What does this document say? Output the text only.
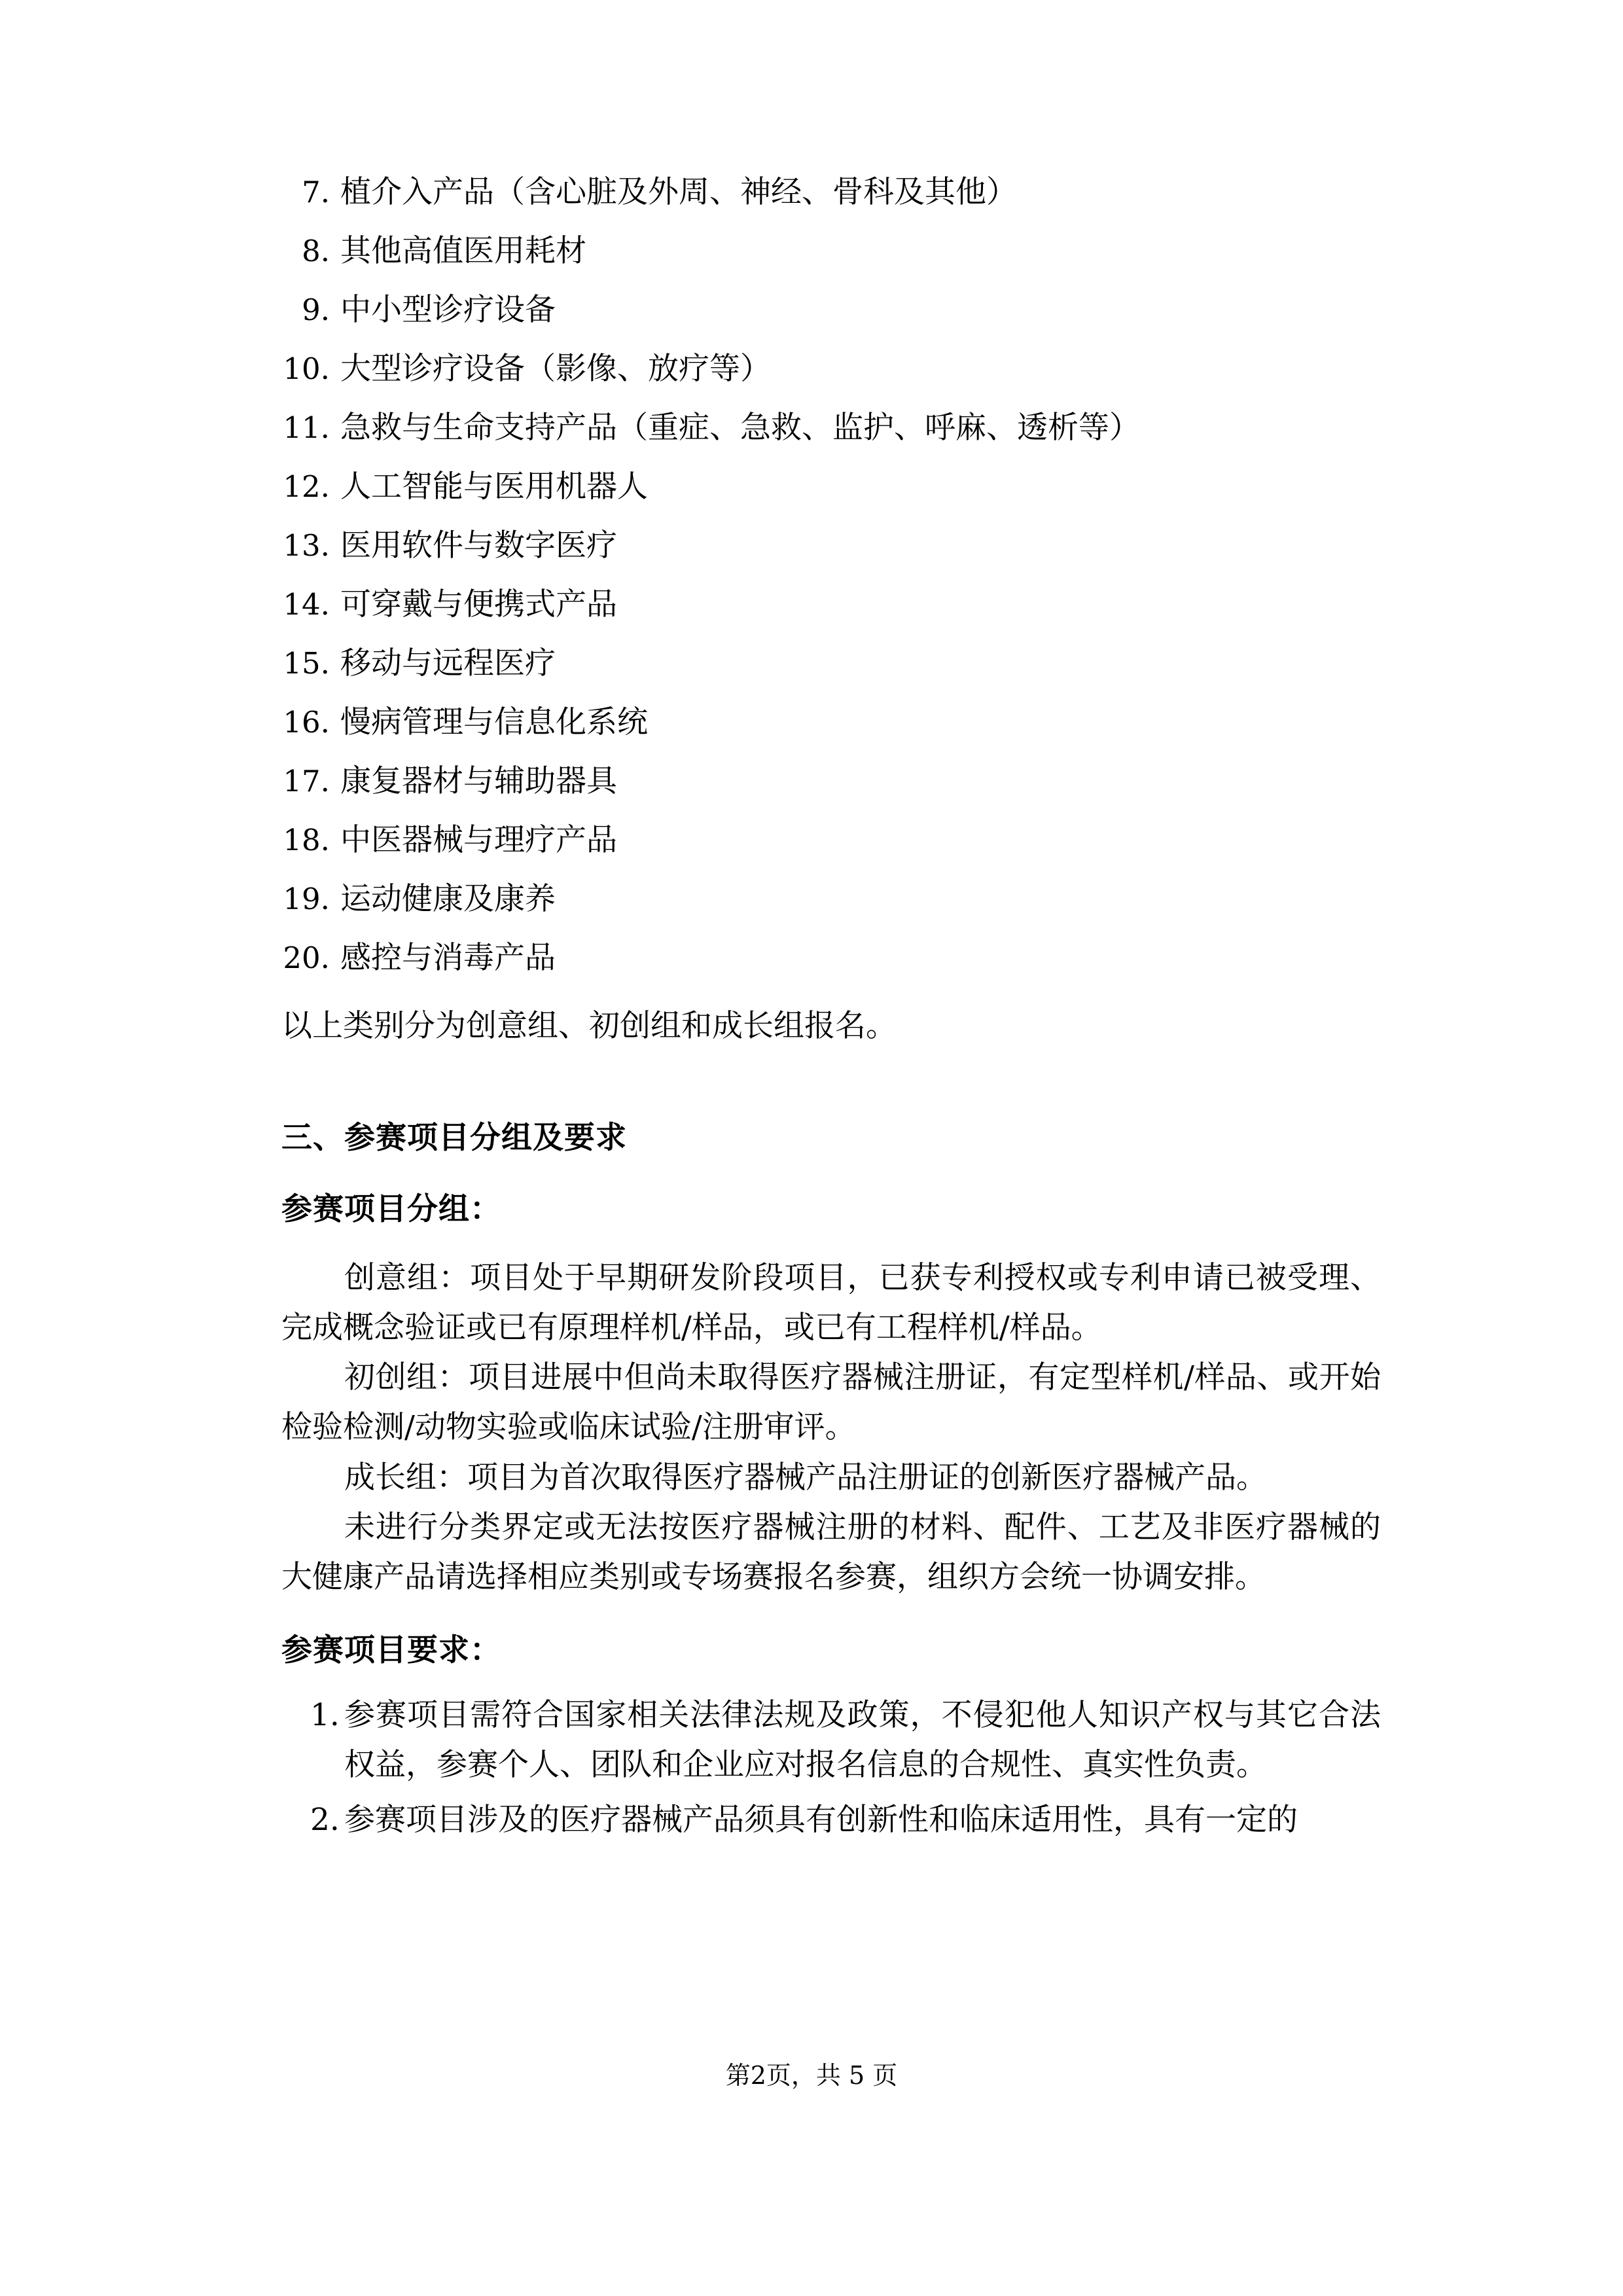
7. 植介入产品（含心脏及外周、神经、骨科及其他）
8. 其他高值医用耗材
9. 中小型诊疗设备
10. 大型诊疗设备（影像、放疗等）
11. 急救与生命支持产品（重症、急救、监护、呼麻、透析等）
12. 人工智能与医用机器人
13. 医用软件与数字医疗
14. 可穿戴与便携式产品
15. 移动与远程医疗
16. 慢病管理与信息化系统
17. 康复器材与辅助器具
18. 中医器械与理疗产品
19. 运动健康及康养
20. 感控与消毒产品
以上类别分为创意组、初创组和成长组报名。
三、参赛项目分组及要求
参赛项目分组：

创意组：项目处于早期研发阶段项目，已获专利授权或专利申请已被受理、完成概念验证或已有原理样机/样品，或已有工程样机/样品。

初创组：项目进展中但尚未取得医疗器械注册证，有定型样机/样品、或开始检验检测/动物实验或临床试验/注册审评。

成长组：项目为首次取得医疗器械产品注册证的创新医疗器械产品。

未进行分类界定或无法按医疗器械注册的材料、配件、工艺及非医疗器械的大健康产品请选择相应类别或专场赛报名参赛，组织方会统一协调安排。

参赛项目要求：
1. 参赛项目需符合国家相关法律法规及政策，不侵犯他人知识产权与其它合法权益，参赛个人、团队和企业应对报名信息的合规性、真实性负责。
2. 参赛项目涉及的医疗器械产品须具有创新性和临床适用性，具有一定的
第2页，共 5 页
